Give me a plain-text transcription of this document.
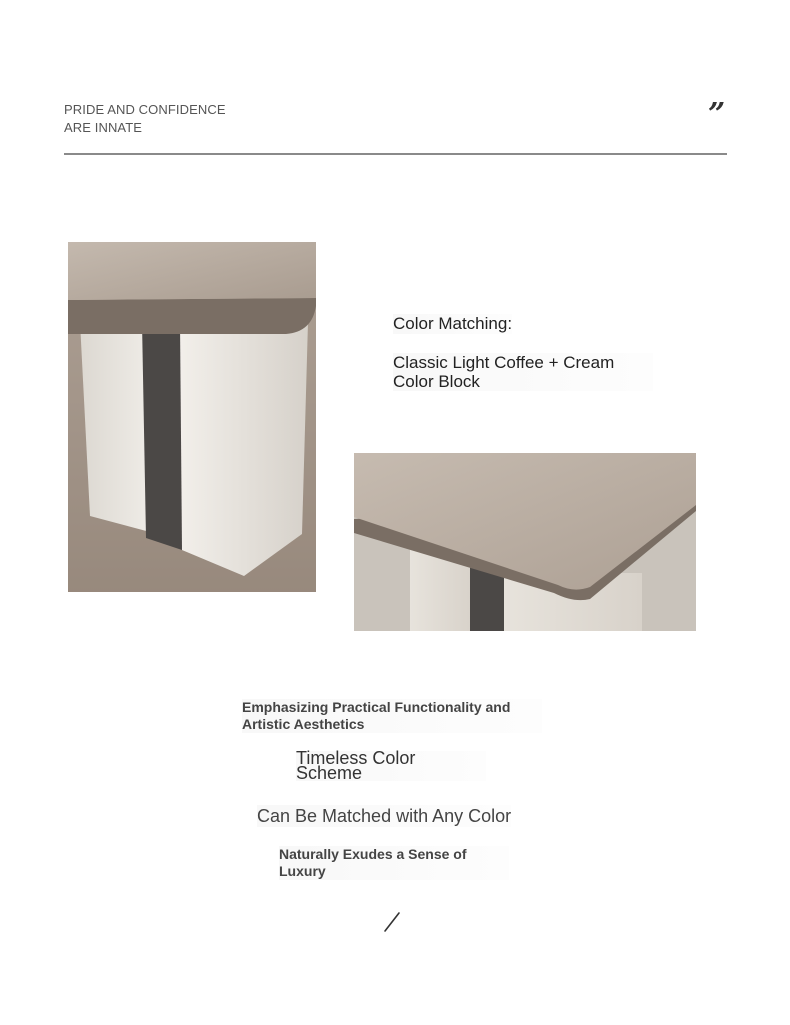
PRIDE AND CONFIDENCE
ARE INNATE	”
Color Matching:
Classic Light Coffee + Cream Color Block
Emphasizing Practical Functionality and Artistic Aesthetics
Timeless Color Scheme
Can Be Matched with Any Color
Naturally Exudes a Sense of Luxury
